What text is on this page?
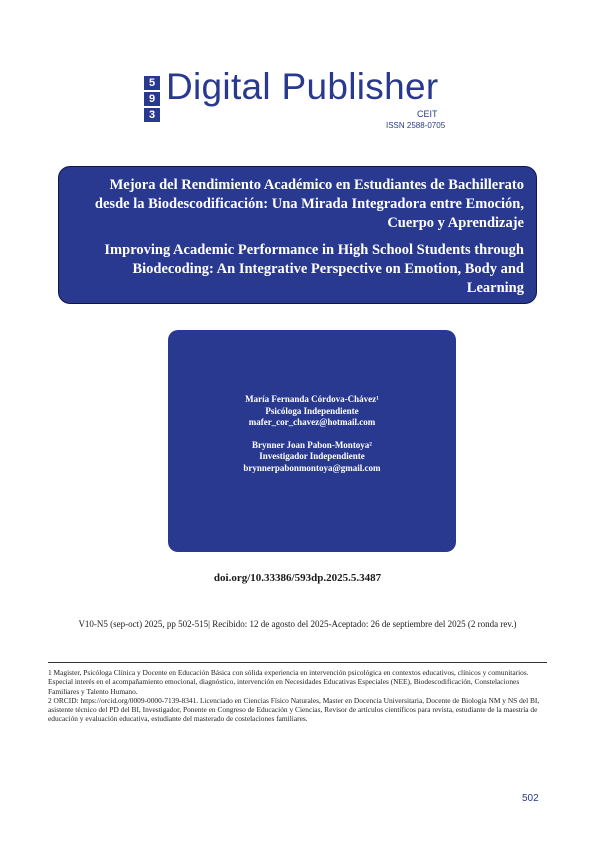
5
9
3
Digital Publisher
CEIT
ISSN 2588-0705

Mejora del Rendimiento Académico en Estudiantes de Bachillerato desde la Biodescodificación: Una Mirada Integradora entre Emoción, Cuerpo y Aprendizaje

Improving Academic Performance in High School Students through Biodecoding: An Integrative Perspective on Emotion, Body and Learning

María Fernanda Córdova-Chávez¹
Psicóloga Independiente
mafer_cor_chavez@hotmail.com
Brynner Joan Pabon-Montoya²
Investigador Independiente
brynnerpabonmontoya@gmail.com
doi.org/10.33386/593dp.2025.5.3487
V10-N5 (sep-oct) 2025, pp 502-515| Recibido: 12 de agosto del 2025-Aceptado: 26 de septiembre del 2025 (2 ronda rev.)

1 Magister, Psicóloga Clínica y Docente en Educación Básica con sólida experiencia en intervención psicológica en contextos educativos, clínicos y comunitarios. Especial interés en el acompañamiento emocional, diagnóstico, intervención en Necesidades Educativas Especiales (NEE), Biodescodificación, Constelaciones Familiares y Talento Humano.

2 ORCID: https://orcid.org/0009-0000-7139-8341. Licenciado en Ciencias Físico Naturales, Master en Docencia Universitaria, Docente de Biología NM y NS del BI, asistente técnico del PD del BI, Investigador, Ponente en Congreso de Educación y Ciencias, Revisor de artículos científicos para revista, estudiante de la maestría de educación y evaluación educativa, estudiante del masterado de costelaciones familiares.

502
